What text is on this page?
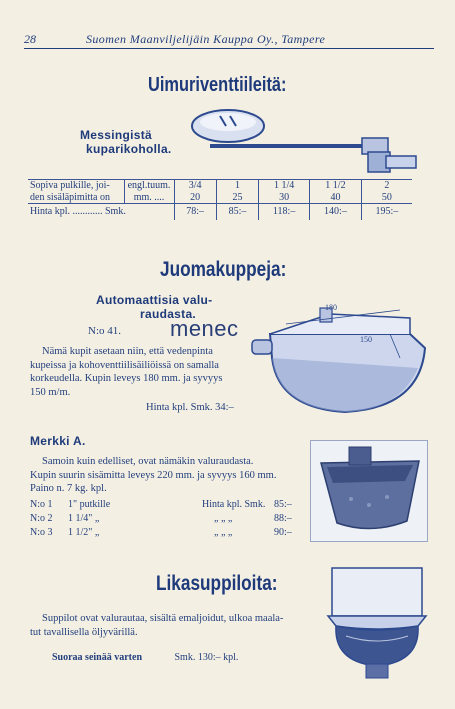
28	Suomen Maanviljelijäin Kauppa Oy., Tampere
Uimuriventtiileitä:
Messingistä
kuparikoholla.
Sopiva pulkille, joi-	engl.tuum.	3/4	1	1 1/4	1 1/2	2
den sisäläpimitta on	mm. ....	20	25	30	40	50
Hinta kpl. ............ Smk.		78:–	85:–	118:–	140:–	195:–
Juomakuppeja:
Automaattisia valu-
raudasta.
N:o 41. menec
Nämä kupit asetaan niin, että vedenpinta
kupeissa ja kohoventtiilisäiliöissä on samalla
korkeudella. Kupin leveys 180 mm. ja syvyys
150 m/m.
Hinta kpl. Smk. 34:–
180
150
Merkki A.
Samoin kuin edelliset, ovat nämäkin valuraudasta.
Kupin suurin sisämitta leveys 220 mm. ja syvyys 160 mm.
Paino n. 7 kg. kpl.
N:o 1 1" putkille	Hinta kpl. Smk. 85:–
N:o 2 1 1/4" „	„ „ „	88:–
N:o 3 1 1/2" „	„ „ „	90:–
Likasuppiloita:
Suppilot ovat valurautaa, sisältä emaljoidut, ulkoa maala-
tut tavallisella öljyvärillä.
Suoraa seinää varten	Smk. 130:– kpl.
